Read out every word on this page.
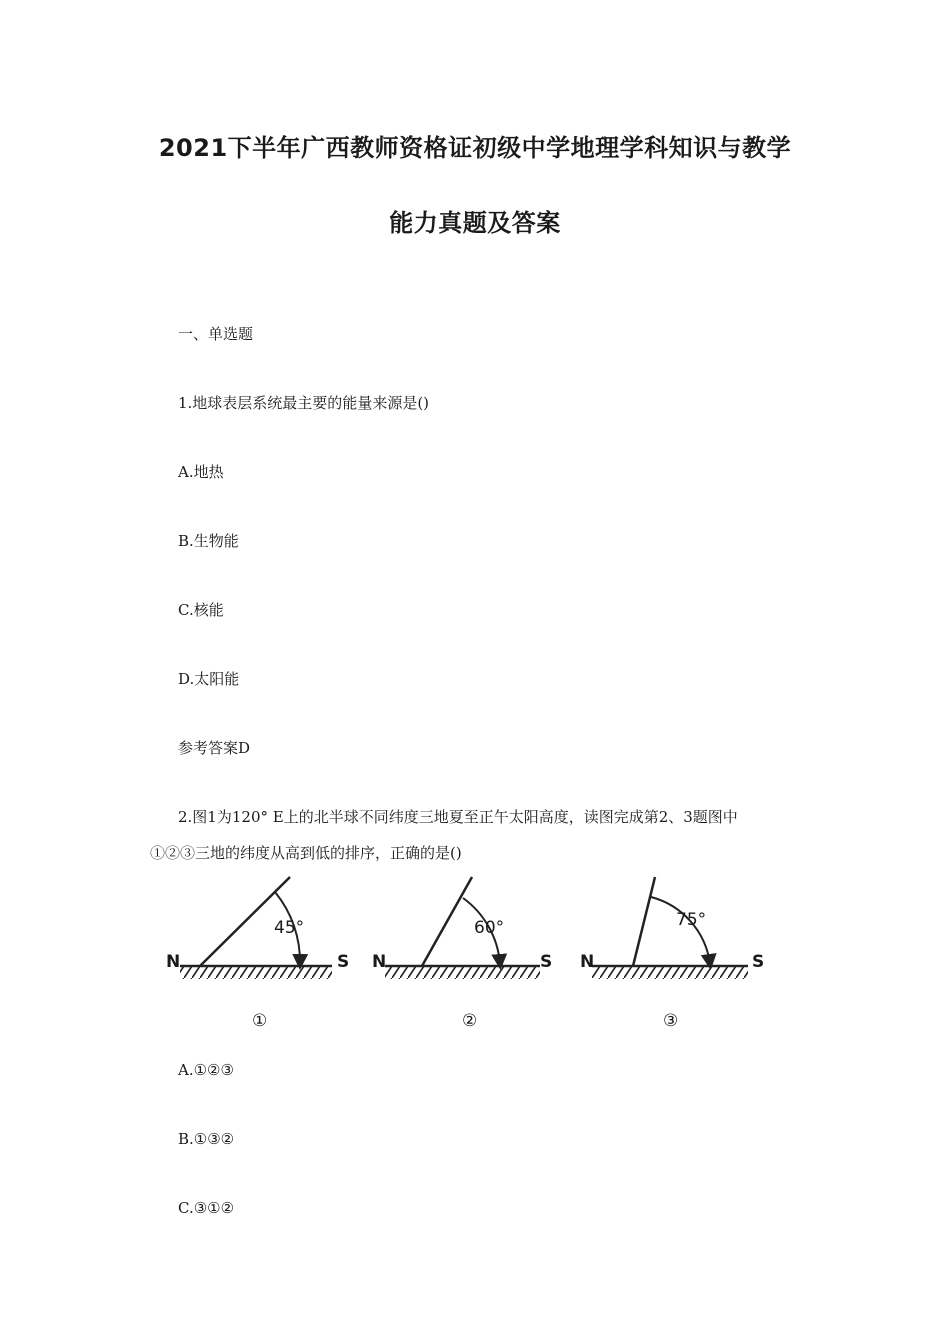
2021下半年广西教师资格证初级中学地理学科知识与教学
能力真题及答案
一、单选题
1.地球表层系统最主要的能量来源是()
A.地热
B.生物能
C.核能
D.太阳能
参考答案D
2.图1为120° E上的北半球不同纬度三地夏至正午太阳高度，读图完成第2、3题图中
①②③三地的纬度从高到低的排序，正确的是()
N	S
45°
N	S
60°
N	S
75°
①	②	③
A.①②③
B.①③②
C.③①②
